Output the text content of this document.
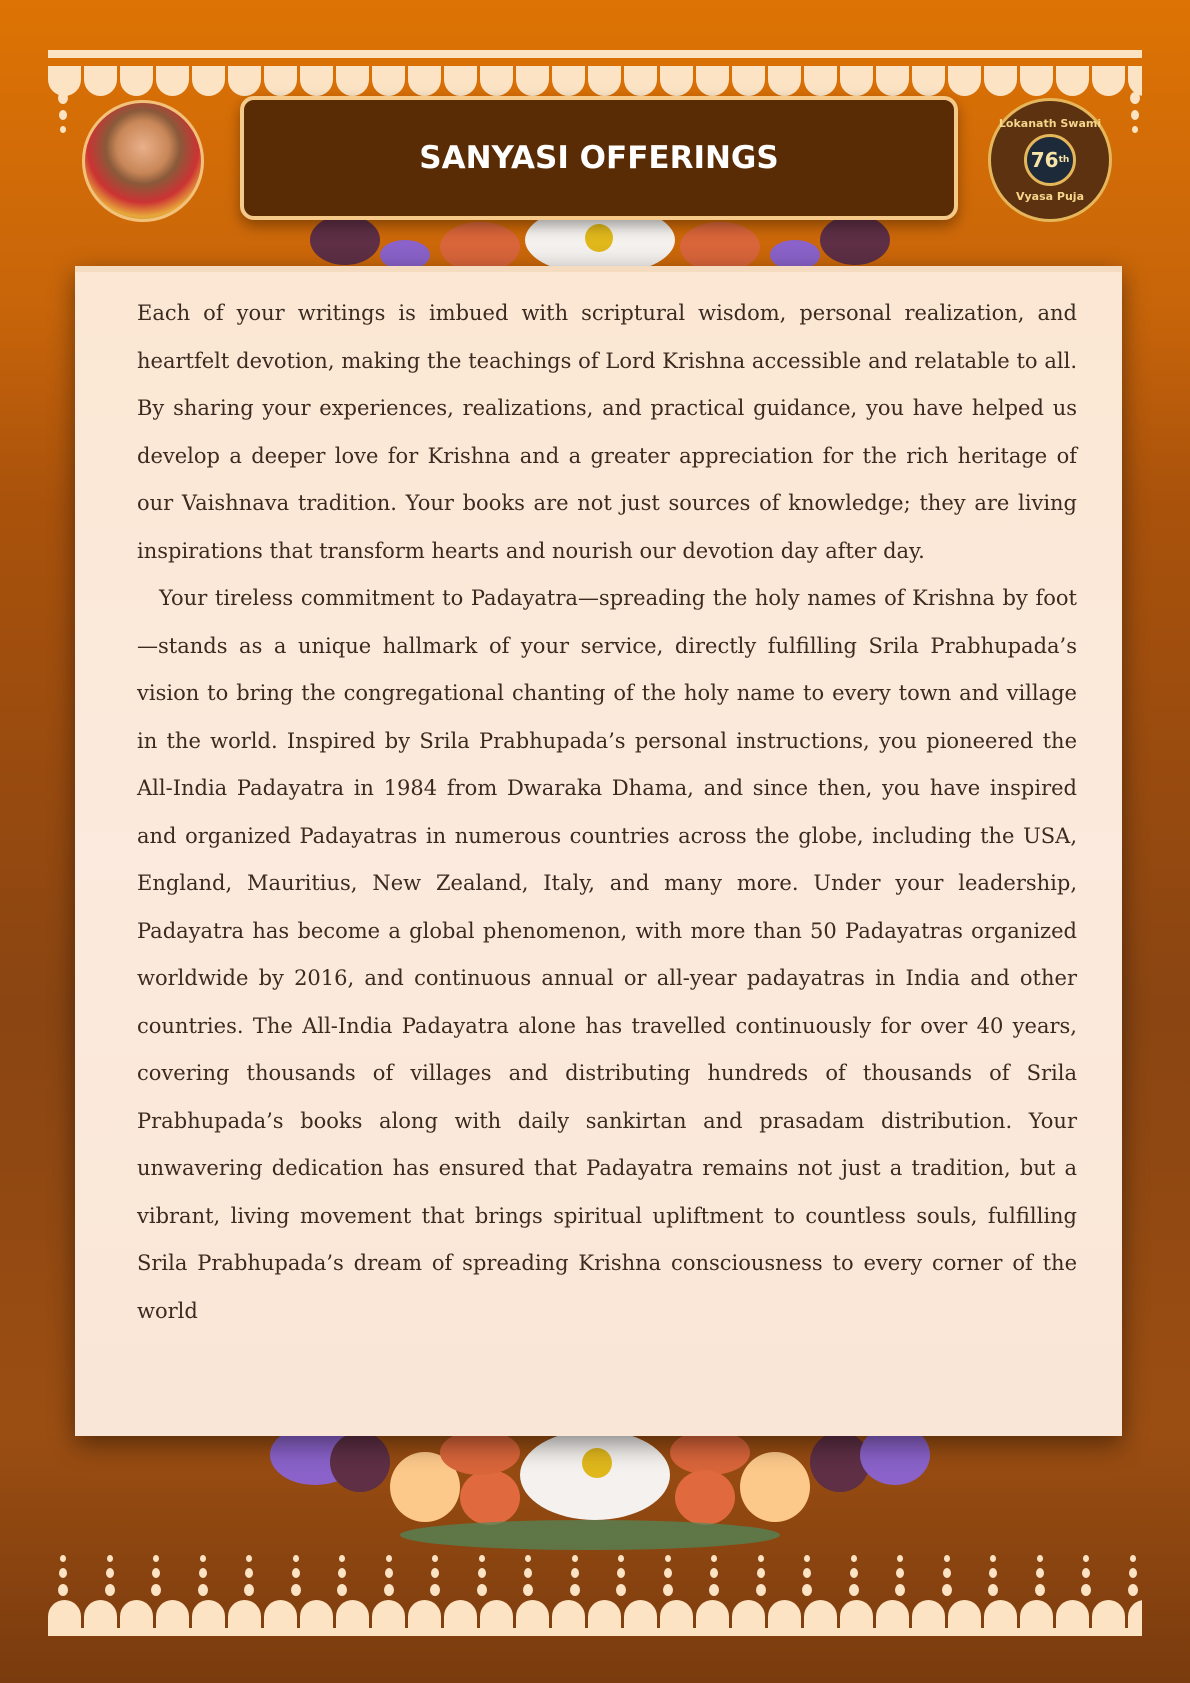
SANYASI OFFERINGS
Lokanath Swami
76 th
Vyasa Puja

Each of your writings is imbued with scriptural wisdom, personal realization, and heartfelt devotion, making the teachings of Lord Krishna accessible and relatable to all. By sharing your experiences, realizations, and practical guidance, you have helped us develop a deeper love for Krishna and a greater appreciation for the rich heritage of our Vaishnava tradition. Your books are not just sources of knowledge; they are living inspirations that transform hearts and nourish our devotion day after day.

Your tireless commitment to Padayatra—spreading the holy names of Krishna by foot—stands as a unique hallmark of your service, directly fulfilling Srila Prabhupada’s vision to bring the congregational chanting of the holy name to every town and village in the world. Inspired by Srila Prabhupada’s personal instructions, you pioneered the All-India Padayatra in 1984 from Dwaraka Dhama, and since then, you have inspired and organized Padayatras in numerous countries across the globe, including the USA, England, Mauritius, New Zealand, Italy, and many more. Under your leadership, Padayatra has become a global phenomenon, with more than 50 Padayatras organized worldwide by 2016, and continuous annual or all-year padayatras in India and other countries. The All-India Padayatra alone has travelled continuously for over 40 years, covering thousands of villages and distributing hundreds of thousands of Srila Prabhupada’s books along with daily sankirtan and prasadam distribution. Your unwavering dedication has ensured that Padayatra remains not just a tradition, but a vibrant, living movement that brings spiritual upliftment to countless souls, fulfilling Srila Prabhupada’s dream of spreading Krishna consciousness to every corner of the world
